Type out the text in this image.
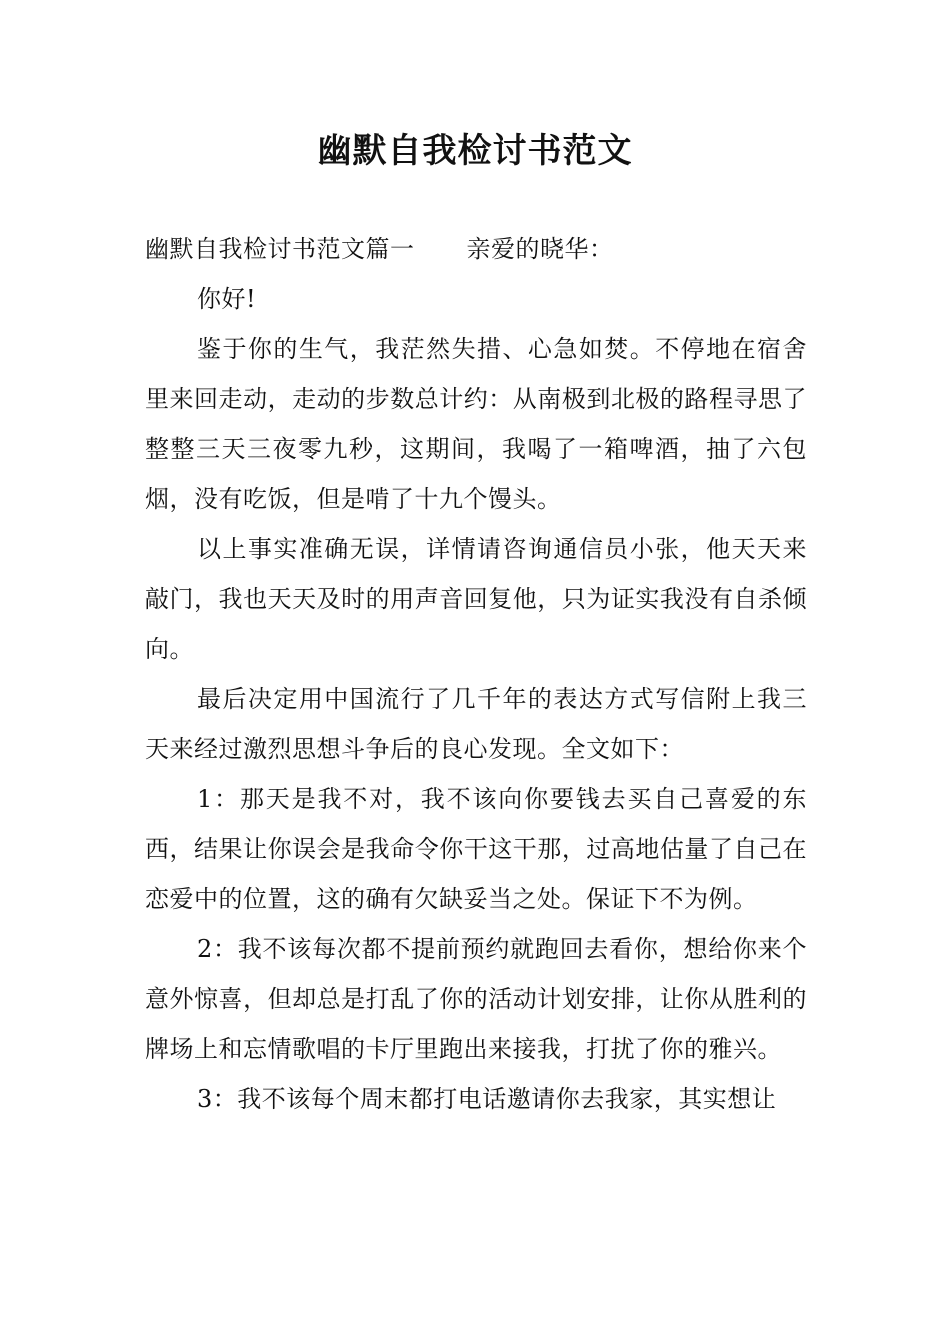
幽默自我检讨书范文

幽默自我检讨书范文篇一 亲爱的晓华：

你好!

鉴于你的生气，我茫然失措、心急如焚。不停地在宿舍里来回走动，走动的步数总计约：从南极到北极的路程寻思了整整三天三夜零九秒，这期间，我喝了一箱啤酒，抽了六包烟，没有吃饭，但是啃了十九个馒头。

以上事实准确无误，详情请咨询通信员小张，他天天来敲门，我也天天及时的用声音回复他，只为证实我没有自杀倾向。

最后决定用中国流行了几千年的表达方式写信附上我三天来经过激烈思想斗争后的良心发现。全文如下：

1：那天是我不对，我不该向你要钱去买自己喜爱的东西，结果让你误会是我命令你干这干那，过高地估量了自己在恋爱中的位置，这的确有欠缺妥当之处。保证下不为例。

2：我不该每次都不提前预约就跑回去看你，想给你来个意外惊喜，但却总是打乱了你的活动计划安排，让你从胜利的牌场上和忘情歌唱的卡厅里跑出来接我，打扰了你的雅兴。

3：我不该每个周末都打电话邀请你去我家，其实想让
